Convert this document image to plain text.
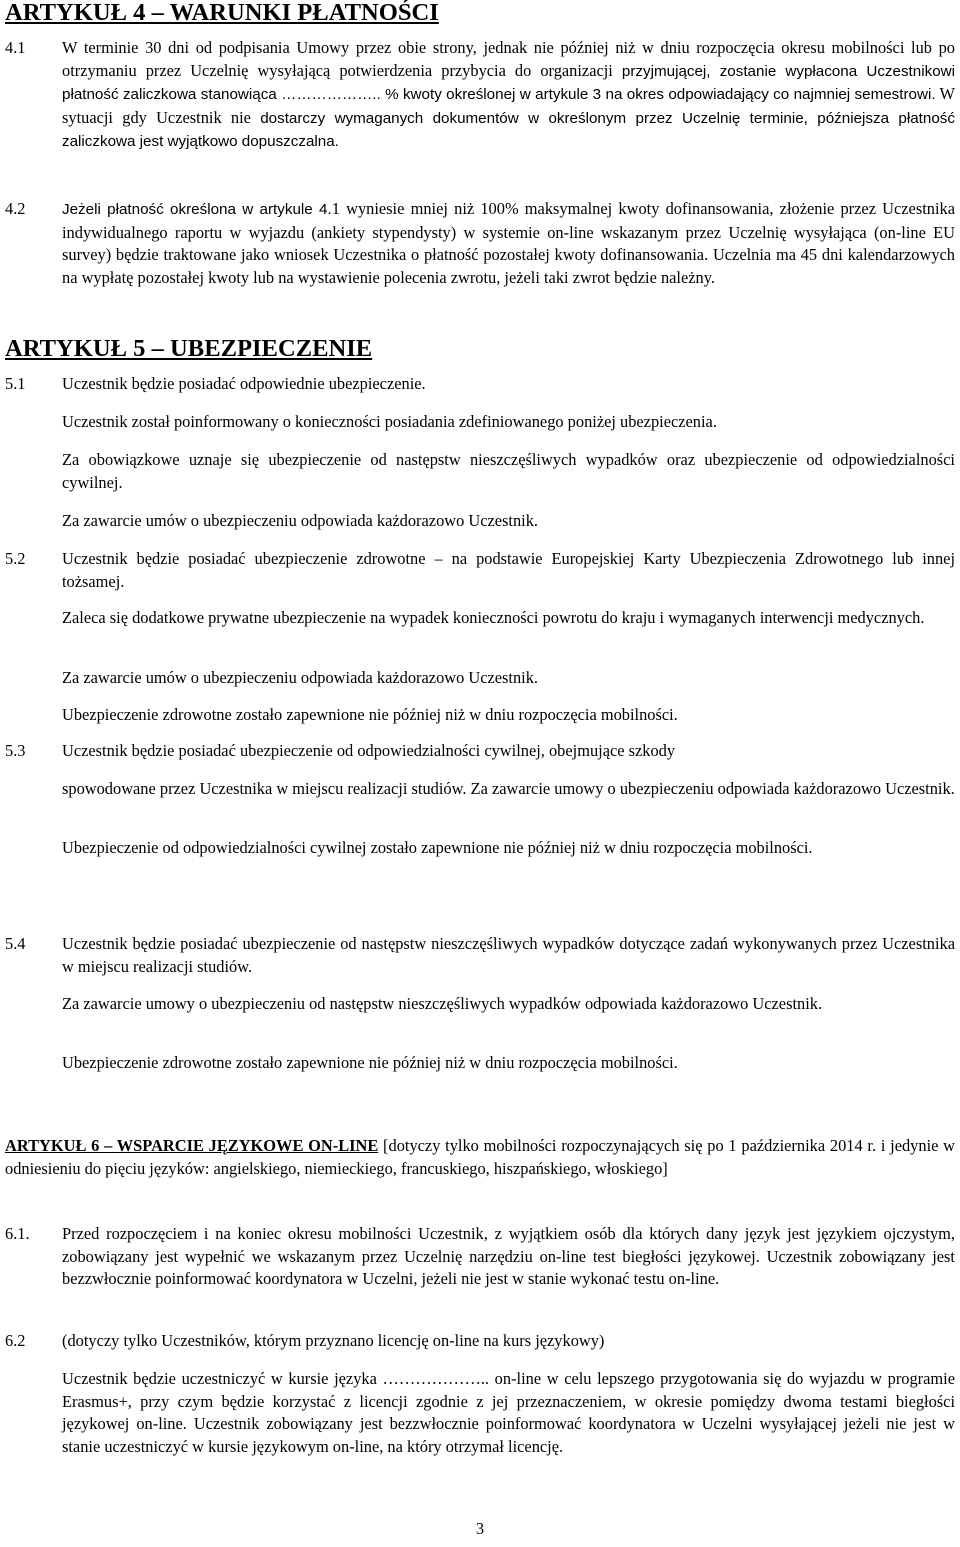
ARTYKUŁ 4 – WARUNKI PŁATNOŚCI
4.1	W terminie 30 dni od podpisania Umowy przez obie strony, jednak nie później niż w dniu rozpoczęcia okresu mobilności lub po otrzymaniu przez Uczelnię wysyłającą potwierdzenia przybycia do organizacji przyjmującej, zostanie wypłacona Uczestnikowi płatność zaliczkowa stanowiąca ……………….. % kwoty określonej w artykule 3 na okres odpowiadający co najmniej semestrowi. W sytuacji gdy Uczestnik nie dostarczy wymaganych dokumentów w określonym przez Uczelnię terminie, późniejsza płatność zaliczkowa jest wyjątkowo dopuszczalna.
4.2	Jeżeli płatność określona w artykule 4.1 wyniesie mniej niż 100% maksymalnej kwoty dofinansowania, złożenie przez Uczestnika indywidualnego raportu w wyjazdu (ankiety stypendysty) w systemie on-line wskazanym przez Uczelnię wysyłająca (on-line EU survey) będzie traktowane jako wniosek Uczestnika o płatność pozostałej kwoty dofinansowania. Uczelnia ma 45 dni kalendarzowych na wypłatę pozostałej kwoty lub na wystawienie polecenia zwrotu, jeżeli taki zwrot będzie należny.
ARTYKUŁ 5 – UBEZPIECZENIE
5.1	Uczestnik będzie posiadać odpowiednie ubezpieczenie.

Uczestnik został poinformowany o konieczności posiadania zdefiniowanego poniżej ubezpieczenia.

Za obowiązkowe uznaje się ubezpieczenie od następstw nieszczęśliwych wypadków oraz ubezpieczenie od odpowiedzialności cywilnej.

Za zawarcie umów o ubezpieczeniu odpowiada każdorazowo Uczestnik.

5.2	Uczestnik będzie posiadać ubezpieczenie zdrowotne – na podstawie Europejskiej Karty Ubezpieczenia Zdrowotnego lub innej tożsamej.

Zaleca się dodatkowe prywatne ubezpieczenie na wypadek konieczności powrotu do kraju i wymaganych interwencji medycznych.

Za zawarcie umów o ubezpieczeniu odpowiada każdorazowo Uczestnik.

Ubezpieczenie zdrowotne zostało zapewnione nie później niż w dniu rozpoczęcia mobilności.

5.3	Uczestnik będzie posiadać ubezpieczenie od odpowiedzialności cywilnej, obejmujące szkody

spowodowane przez Uczestnika w miejscu realizacji studiów. Za zawarcie umowy o ubezpieczeniu odpowiada każdorazowo Uczestnik.

Ubezpieczenie od odpowiedzialności cywilnej zostało zapewnione nie później niż w dniu rozpoczęcia mobilności.

5.4	Uczestnik będzie posiadać ubezpieczenie od następstw nieszczęśliwych wypadków dotyczące zadań wykonywanych przez Uczestnika w miejscu realizacji studiów.

Za zawarcie umowy o ubezpieczeniu od następstw nieszczęśliwych wypadków odpowiada każdorazowo Uczestnik.

Ubezpieczenie zdrowotne zostało zapewnione nie później niż w dniu rozpoczęcia mobilności.

ARTYKUŁ 6 – WSPARCIE JĘZYKOWE ON-LINE [dotyczy tylko mobilności rozpoczynających się po 1 października 2014 r. i jedynie w odniesieniu do pięciu języków: angielskiego, niemieckiego, francuskiego, hiszpańskiego, włoskiego]
6.1.	Przed rozpoczęciem i na koniec okresu mobilności Uczestnik, z wyjątkiem osób dla których dany język jest językiem ojczystym, zobowiązany jest wypełnić we wskazanym przez Uczelnię narzędziu on-line test biegłości językowej. Uczestnik zobowiązany jest bezzwłocznie poinformować koordynatora w Uczelni, jeżeli nie jest w stanie wykonać testu on-line.

6.2	(dotyczy tylko Uczestników, którym przyznano licencję on-line na kurs językowy)

Uczestnik będzie uczestniczyć w kursie języka ……………….. on-line w celu lepszego przygotowania się do wyjazdu w programie Erasmus+, przy czym będzie korzystać z licencji zgodnie z jej przeznaczeniem, w okresie pomiędzy dwoma testami biegłości językowej on-line. Uczestnik zobowiązany jest bezzwłocznie poinformować koordynatora w Uczelni wysyłającej jeżeli nie jest w stanie uczestniczyć w kursie językowym on-line, na który otrzymał licencję.

3
